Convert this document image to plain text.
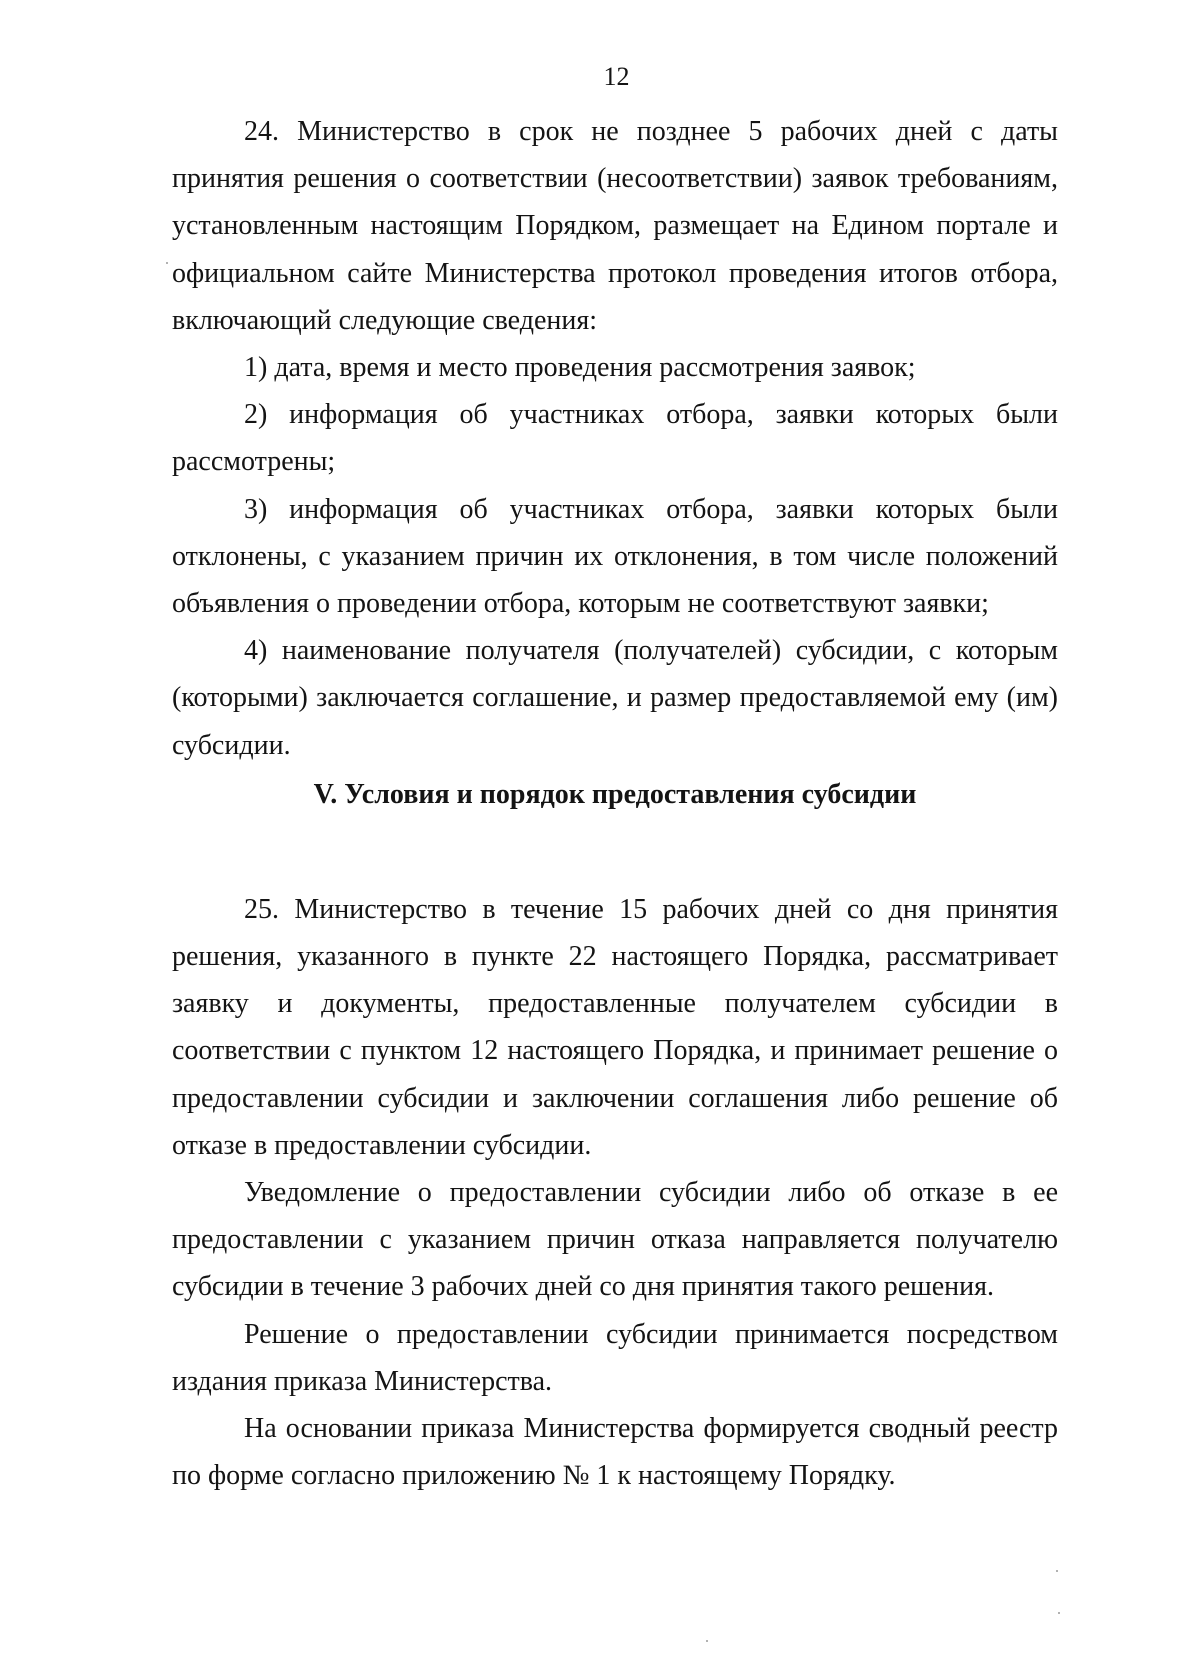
12

24. Министерство в срок не позднее 5 рабочих дней с даты принятия решения о соответствии (несоответствии) заявок требованиям, установленным настоящим Порядком, размещает на Едином портале и официальном сайте Министерства протокол проведения итогов отбора, включающий следующие сведения:

1) дата, время и место проведения рассмотрения заявок;

2) информация об участниках отбора, заявки которых были рассмотрены;

3) информация об участниках отбора, заявки которых были отклонены, с указанием причин их отклонения, в том числе положений объявления о проведении отбора, которым не соответствуют заявки;

4) наименование получателя (получателей) субсидии, с которым (которыми) заключается соглашение, и размер предоставляемой ему (им) субсидии.

V. Условия и порядок предоставления субсидии

25. Министерство в течение 15 рабочих дней со дня принятия решения, указанного в пункте 22 настоящего Порядка, рассматривает заявку и документы, предоставленные получателем субсидии в соответствии с пунктом 12 настоящего Порядка, и принимает решение о предоставлении субсидии и заключении соглашения либо решение об отказе в предоставлении субсидии.

Уведомление о предоставлении субсидии либо об отказе в ее предоставлении с указанием причин отказа направляется получателю субсидии в течение 3 рабочих дней со дня принятия такого решения.

Решение о предоставлении субсидии принимается посредством издания приказа Министерства.

На основании приказа Министерства формируется сводный реестр по форме согласно приложению № 1 к настоящему Порядку.
